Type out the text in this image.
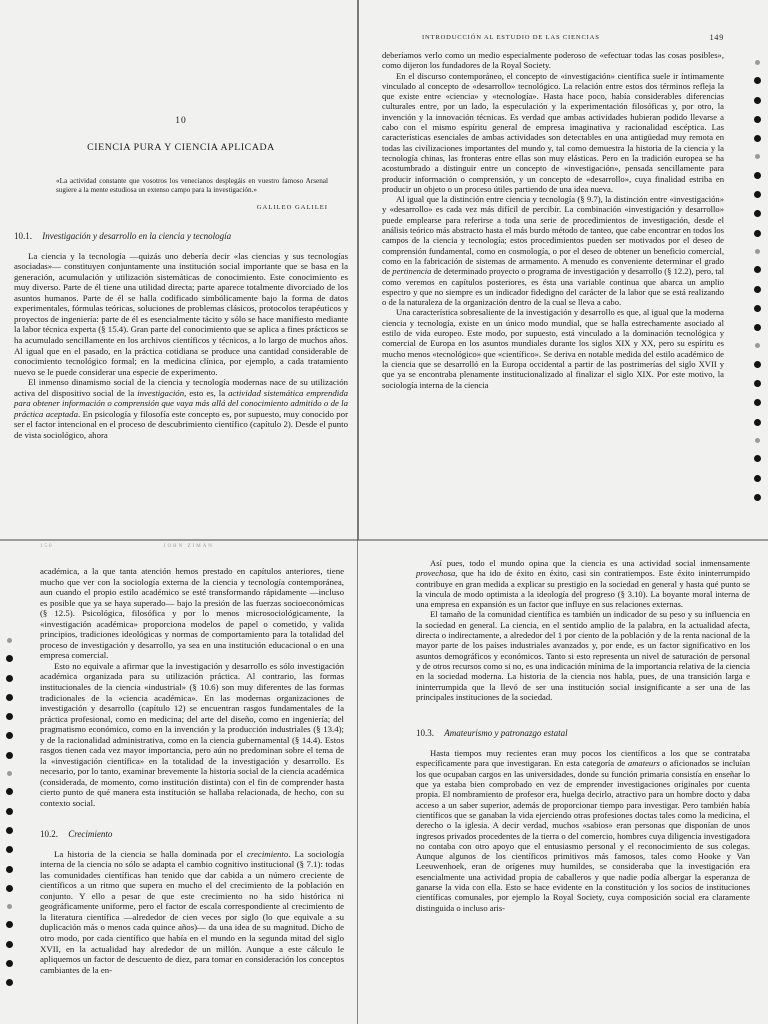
10
CIENCIA PURA Y CIENCIA APLICADA

«La actividad constante que vosotros los venecianos desplegáis en vuestro famoso Arsenal sugiere a la mente estudiosa un extenso campo para la investigación.»

GALILEO GALILEI
10.1. Investigación y desarrollo en la ciencia y tecnología

La ciencia y la tecnología —quizás uno debería decir «las ciencias y sus tecnologías asociadas»— constituyen conjuntamente una institución social importante que se basa en la generación, acumulación y utilización sistemáticas de conocimiento. Este conocimiento es muy diverso. Parte de él tiene una utilidad directa; parte aparece totalmente divorciado de los asuntos humanos. Parte de él se halla codificado simbólicamente bajo la forma de datos experimentales, fórmulas teóricas, soluciones de problemas clásicos, protocolos terapéuticos y proyectos de ingeniería: parte de él es esencialmente tácito y sólo se hace manifiesto mediante la labor técnica experta (§ 15.4). Gran parte del conocimiento que se aplica a fines prácticos se ha acumulado sencillamente en los archivos científicos y técnicos, a lo largo de muchos años. Al igual que en el pasado, en la práctica cotidiana se produce una cantidad considerable de conocimiento tecnológico formal; en la medicina clínica, por ejemplo, a cada tratamiento nuevo se le puede considerar una especie de experimento.

El inmenso dinamismo social de la ciencia y tecnología modernas nace de su utilización activa del dispositivo social de la investigación, esto es, la actividad sistemática emprendida para obtener información o comprensión que vaya más allá del conocimiento admitido o de la práctica aceptada. En psicología y filosofía este concepto es, por supuesto, muy conocido por ser el factor intencional en el proceso de descubrimiento científico (capítulo 2). Desde el punto de vista sociológico, ahora

INTRODUCCIÓN AL ESTUDIO DE LAS CIENCIAS	149

deberíamos verlo como un medio especialmente poderoso de «efectuar todas las cosas posibles», como dijeron los fundadores de la Royal Society.

En el discurso contemporáneo, el concepto de «investigación» científica suele ir íntimamente vinculado al concepto de «desarrollo» tecnológico. La relación entre estos dos términos refleja la que existe entre «ciencia» y «tecnología». Hasta hace poco, había considerables diferencias culturales entre, por un lado, la especulación y la experimentación filosóficas y, por otro, la invención y la innovación técnicas. Es verdad que ambas actividades hubieran podido llevarse a cabo con el mismo espíritu general de empresa imaginativa y racionalidad escéptica. Las características esenciales de ambas actividades son detectables en una antigüedad muy remota en todas las civilizaciones importantes del mundo y, tal como demuestra la historia de la ciencia y la tecnología chinas, las fronteras entre ellas son muy elásticas. Pero en la tradición europea se ha acostumbrado a distinguir entre un concepto de «investigación», pensada sencillamente para producir información o comprensión, y un concepto de «desarrollo», cuya finalidad estriba en producir un objeto o un proceso útiles partiendo de una idea nueva.

Al igual que la distinción entre ciencia y tecnología (§ 9.7), la distinción entre «investigación» y «desarrollo» es cada vez más difícil de percibir. La combinación «investigación y desarrollo» puede emplearse para referirse a toda una serie de procedimientos de investigación, desde el análisis teórico más abstracto hasta el más burdo método de tanteo, que cabe encontrar en todos los campos de la ciencia y tecnología; estos procedimientos pueden ser motivados por el deseo de comprensión fundamental, como en cosmología, o por el deseo de obtener un beneficio comercial, como en la fabricación de sistemas de armamento. A menudo es conveniente determinar el grado de pertinencia de determinado proyecto o programa de investigación y desarrollo (§ 12.2), pero, tal como veremos en capítulos posteriores, es ésta una variable continua que abarca un amplio espectro y que no siempre es un indicador fidedigno del carácter de la labor que se está realizando o de la naturaleza de la organización dentro de la cual se lleva a cabo.

Una característica sobresaliente de la investigación y desarrollo es que, al igual que la moderna ciencia y tecnología, existe en un único modo mundial, que se halla estrechamente asociado al estilo de vida europeo. Este modo, por supuesto, está vinculado a la dominación tecnológica y comercial de Europa en los asuntos mundiales durante los siglos XIX y XX, pero su espíritu es mucho menos «tecnológico» que «científico». Se deriva en notable medida del estilo académico de la ciencia que se desarrolló en la Europa occidental a partir de las postrimerías del siglo XVII y que ya se encontraba plenamente institucionalizado al finalizar el siglo XIX. Por este motivo, la sociología interna de la ciencia

150	JOHN ZIMAN

académica, a la que tanta atención hemos prestado en capítulos anteriores, tiene mucho que ver con la sociología externa de la ciencia y tecnología contemporánea, aun cuando el propio estilo académico se esté transformando rápidamente —incluso es posible que ya se haya superado— bajo la presión de las fuerzas socioeconómicas (§ 12.5). Psicológica, filosófica y por lo menos microsociológicamente, la «investigación académica» proporciona modelos de papel o cometido, y valida principios, tradiciones ideológicas y normas de comportamiento para la totalidad del proceso de investigación y desarrollo, ya sea en una institución educacional o en una empresa comercial.

Esto no equivale a afirmar que la investigación y desarrollo es sólo investigación académica organizada para su utilización práctica. Al contrario, las formas institucionales de la ciencia «industrial» (§ 10.6) son muy diferentes de las formas tradicionales de la «ciencia académica». En las modernas organizaciones de investigación y desarrollo (capítulo 12) se encuentran rasgos fundamentales de la práctica profesional, como en medicina; del arte del diseño, como en ingeniería; del pragmatismo económico, como en la invención y la producción industriales (§ 13.4); y de la racionalidad administrativa, como en la ciencia gubernamental (§ 14.4). Estos rasgos tienen cada vez mayor importancia, pero aún no predominan sobre el tema de la «investigación científica» en la totalidad de la investigación y desarrollo. Es necesario, por lo tanto, examinar brevemente la historia social de la ciencia académica (considerada, de momento, como institución distinta) con el fin de comprender hasta cierto punto de qué manera esta institución se hallaba relacionada, de hecho, con su contexto social.

10.2. Crecimiento

La historia de la ciencia se halla dominada por el crecimiento. La sociología interna de la ciencia no sólo se adapta el cambio cognitivo institucional (§ 7.1): todas las comunidades científicas han tenido que dar cabida a un número creciente de científicos a un ritmo que supera en mucho el del crecimiento de la población en conjunto. Y ello a pesar de que este crecimiento no ha sido histórica ni geográficamente uniforme, pero el factor de escala correspondiente al crecimiento de la literatura científica —alrededor de cien veces por siglo (lo que equivale a su duplicación más o menos cada quince años)— da una idea de su magnitud. Dicho de otro modo, por cada científico que había en el mundo en la segunda mitad del siglo XVII, en la actualidad hay alrededor de un millón. Aunque a este cálculo le apliquemos un factor de descuento de diez, para tomar en consideración los conceptos cambiantes de la en-

Así pues, todo el mundo opina que la ciencia es una actividad social inmensamente provechosa, que ha ido de éxito en éxito, casi sin contratiempos. Este éxito ininterrumpido contribuye en gran medida a explicar su prestigio en la sociedad en general y hasta qué punto se la vincula de modo optimista a la ideología del progreso (§ 3.10). La boyante moral interna de una empresa en expansión es un factor que influye en sus relaciones externas.

El tamaño de la comunidad científica es también un indicador de su peso y su influencia en la sociedad en general. La ciencia, en el sentido amplio de la palabra, en la actualidad afecta, directa o indirectamente, a alrededor del 1 por ciento de la población y de la renta nacional de la mayor parte de los países industriales avanzados y, por ende, es un factor significativo en los asuntos demográficos y económicos. Tanto si esto representa un nivel de saturación de personal y de otros recursos como si no, es una indicación mínima de la importancia relativa de la ciencia en la sociedad moderna. La historia de la ciencia nos habla, pues, de una transición larga e ininterrumpida que la llevó de ser una institución social insignificante a ser una de las principales instituciones de la sociedad.

10.3. Amateurismo y patronazgo estatal

Hasta tiempos muy recientes eran muy pocos los científicos a los que se contrataba específicamente para que investigaran. En esta categoría de amateurs o aficionados se incluían los que ocupaban cargos en las universidades, donde su función primaria consistía en enseñar lo que ya estaba bien comprobado en vez de emprender investigaciones originales por cuenta propia. El nombramiento de profesor era, huelga decirlo, atractivo para un hombre docto y daba acceso a un saber superior, además de proporcionar tiempo para investigar. Pero también había científicos que se ganaban la vida ejerciendo otras profesiones doctas tales como la medicina, el derecho o la iglesia. A decir verdad, muchos «sabios» eran personas que disponían de unos ingresos privados procedentes de la tierra o del comercio, hombres cuya diligencia investigadora no contaba con otro apoyo que el entusiasmo personal y el reconocimiento de sus colegas. Aunque algunos de los científicos primitivos más famosos, tales como Hooke y Van Leeuwenhoek, eran de orígenes muy humildes, se consideraba que la investigación era esencialmente una actividad propia de caballeros y que nadie podía albergar la esperanza de ganarse la vida con ella. Esto se hace evidente en la constitución y los socios de instituciones científicas comunales, por ejemplo la Royal Society, cuya composición social era claramente distinguida o incluso aris-
